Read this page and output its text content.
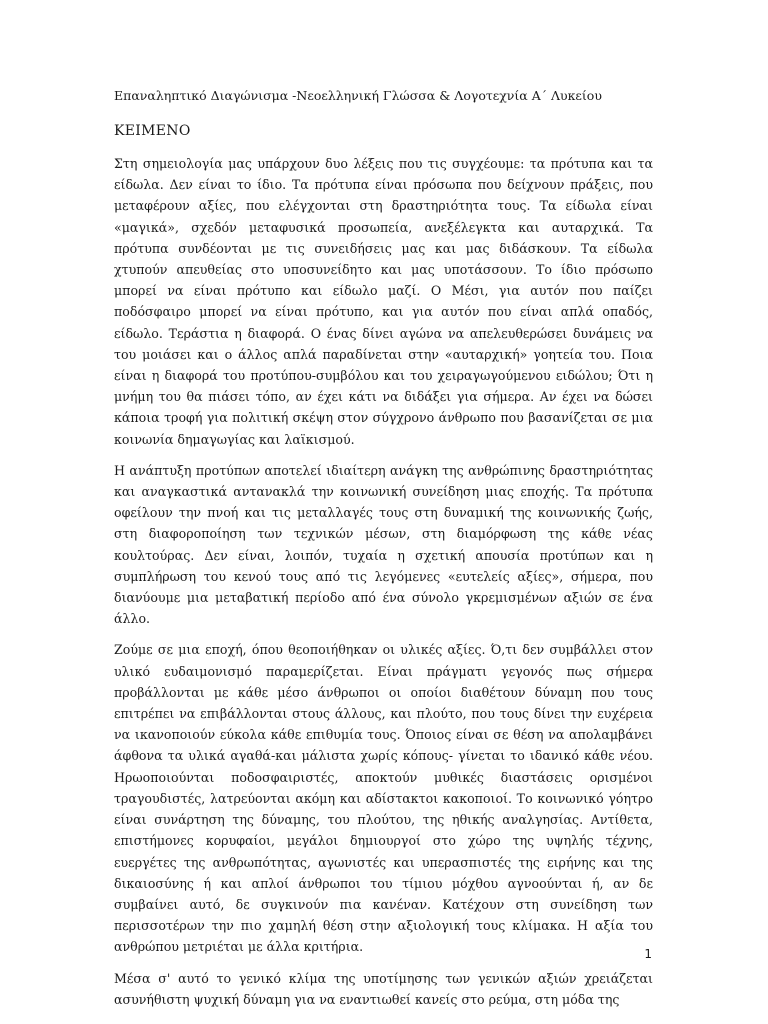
Επαναληπτικό Διαγώνισμα -Νεοελληνική Γλώσσα & Λογοτεχνία Α΄ Λυκείου
ΚΕΙΜΕΝΟ

Στη σημειολογία μας υπάρχουν δυο λέξεις που τις συγχέουμε: τα πρότυπα και τα είδωλα. Δεν είναι το ίδιο. Τα πρότυπα είναι πρόσωπα που δείχνουν πράξεις, που μεταφέρουν αξίες, που ελέγχονται στη δραστηριότητα τους. Τα είδωλα είναι «μαγικά», σχεδόν μεταφυσικά προσωπεία, ανεξέλεγκτα και αυταρχικά. Τα πρότυπα συνδέονται με τις συνειδήσεις μας και μας διδάσκουν. Τα είδωλα χτυπούν απευθείας στο υποσυνείδητο και μας υποτάσσουν. Το ίδιο πρόσωπο μπορεί να είναι πρότυπο και είδωλο μαζί. Ο Μέσι, για αυτόν που παίζει ποδόσφαιρο μπορεί να είναι πρότυπο, και για αυτόν που είναι απλά οπαδός, είδωλο. Τεράστια η διαφορά. Ο ένας δίνει αγώνα να απελευθερώσει δυνάμεις να του μοιάσει και ο άλλος απλά παραδίνεται στην «αυταρχική» γοητεία του. Ποια είναι η διαφορά του προτύπου-συμβόλου και του χειραγωγούμενου ειδώλου; Ότι η μνήμη του θα πιάσει τόπο, αν έχει κάτι να διδάξει για σήμερα. Αν έχει να δώσει κάποια τροφή για πολιτική σκέψη στον σύγχρονο άνθρωπο που βασανίζεται σε μια κοινωνία δημαγωγίας και λαϊκισμού.

Η ανάπτυξη προτύπων αποτελεί ιδιαίτερη ανάγκη της ανθρώπινης δραστηριότητας και αναγκαστικά αντανακλά την κοινωνική συνείδηση μιας εποχής. Τα πρότυπα οφείλουν την πνοή και τις μεταλλαγές τους στη δυναμική της κοινωνικής ζωής, στη διαφοροποίηση των τεχνικών μέσων, στη διαμόρφωση της κάθε νέας κουλτούρας. Δεν είναι, λοιπόν, τυχαία η σχετική απουσία προτύπων και η συμπλήρωση του κενού τους από τις λεγόμενες «ευτελείς αξίες», σήμερα, που διανύουμε μια μεταβατική περίοδο από ένα σύνολο γκρεμισμένων αξιών σε ένα άλλο.

Ζούμε σε μια εποχή, όπου θεοποιήθηκαν οι υλικές αξίες. Ό,τι δεν συμβάλλει στον υλικό ευδαιμονισμό παραμερίζεται. Είναι πράγματι γεγονός πως σήμερα προβάλλονται με κάθε μέσο άνθρωποι οι οποίοι διαθέτουν δύναμη που τους επιτρέπει να επιβάλλονται στους άλλους, και πλούτο, που τους δίνει την ευχέρεια να ικανοποιούν εύκολα κάθε επιθυμία τους. Όποιος είναι σε θέση να απολαμβάνει άφθονα τα υλικά αγαθά-και μάλιστα χωρίς κόπους- γίνεται το ιδανικό κάθε νέου. Ηρωοποιούνται ποδοσφαιριστές, αποκτούν μυθικές διαστάσεις ορισμένοι τραγουδιστές, λατρεύονται ακόμη και αδίστακτοι κακοποιοί. Το κοινωνικό γόητρο είναι συνάρτηση της δύναμης, του πλούτου, της ηθικής αναλγησίας. Αντίθετα, επιστήμονες κορυφαίοι, μεγάλοι δημιουργοί στο χώρο της υψηλής τέχνης, ευεργέτες της ανθρωπότητας, αγωνιστές και υπερασπιστές της ειρήνης και της δικαιοσύνης ή και απλοί άνθρωποι του τίμιου μόχθου αγνοούνται ή, αν δε συμβαίνει αυτό, δε συγκινούν πια κανέναν. Κατέχουν στη συνείδηση των περισσοτέρων την πιο χαμηλή θέση στην αξιολογική τους κλίμακα. Η αξία του ανθρώπου μετριέται με άλλα κριτήρια.

Μέσα σ' αυτό το γενικό κλίμα της υποτίμησης των γενικών αξιών χρειάζεται ασυνήθιστη ψυχική δύναμη για να εναντιωθεί κανείς στο ρεύμα, στη μόδα της

1
